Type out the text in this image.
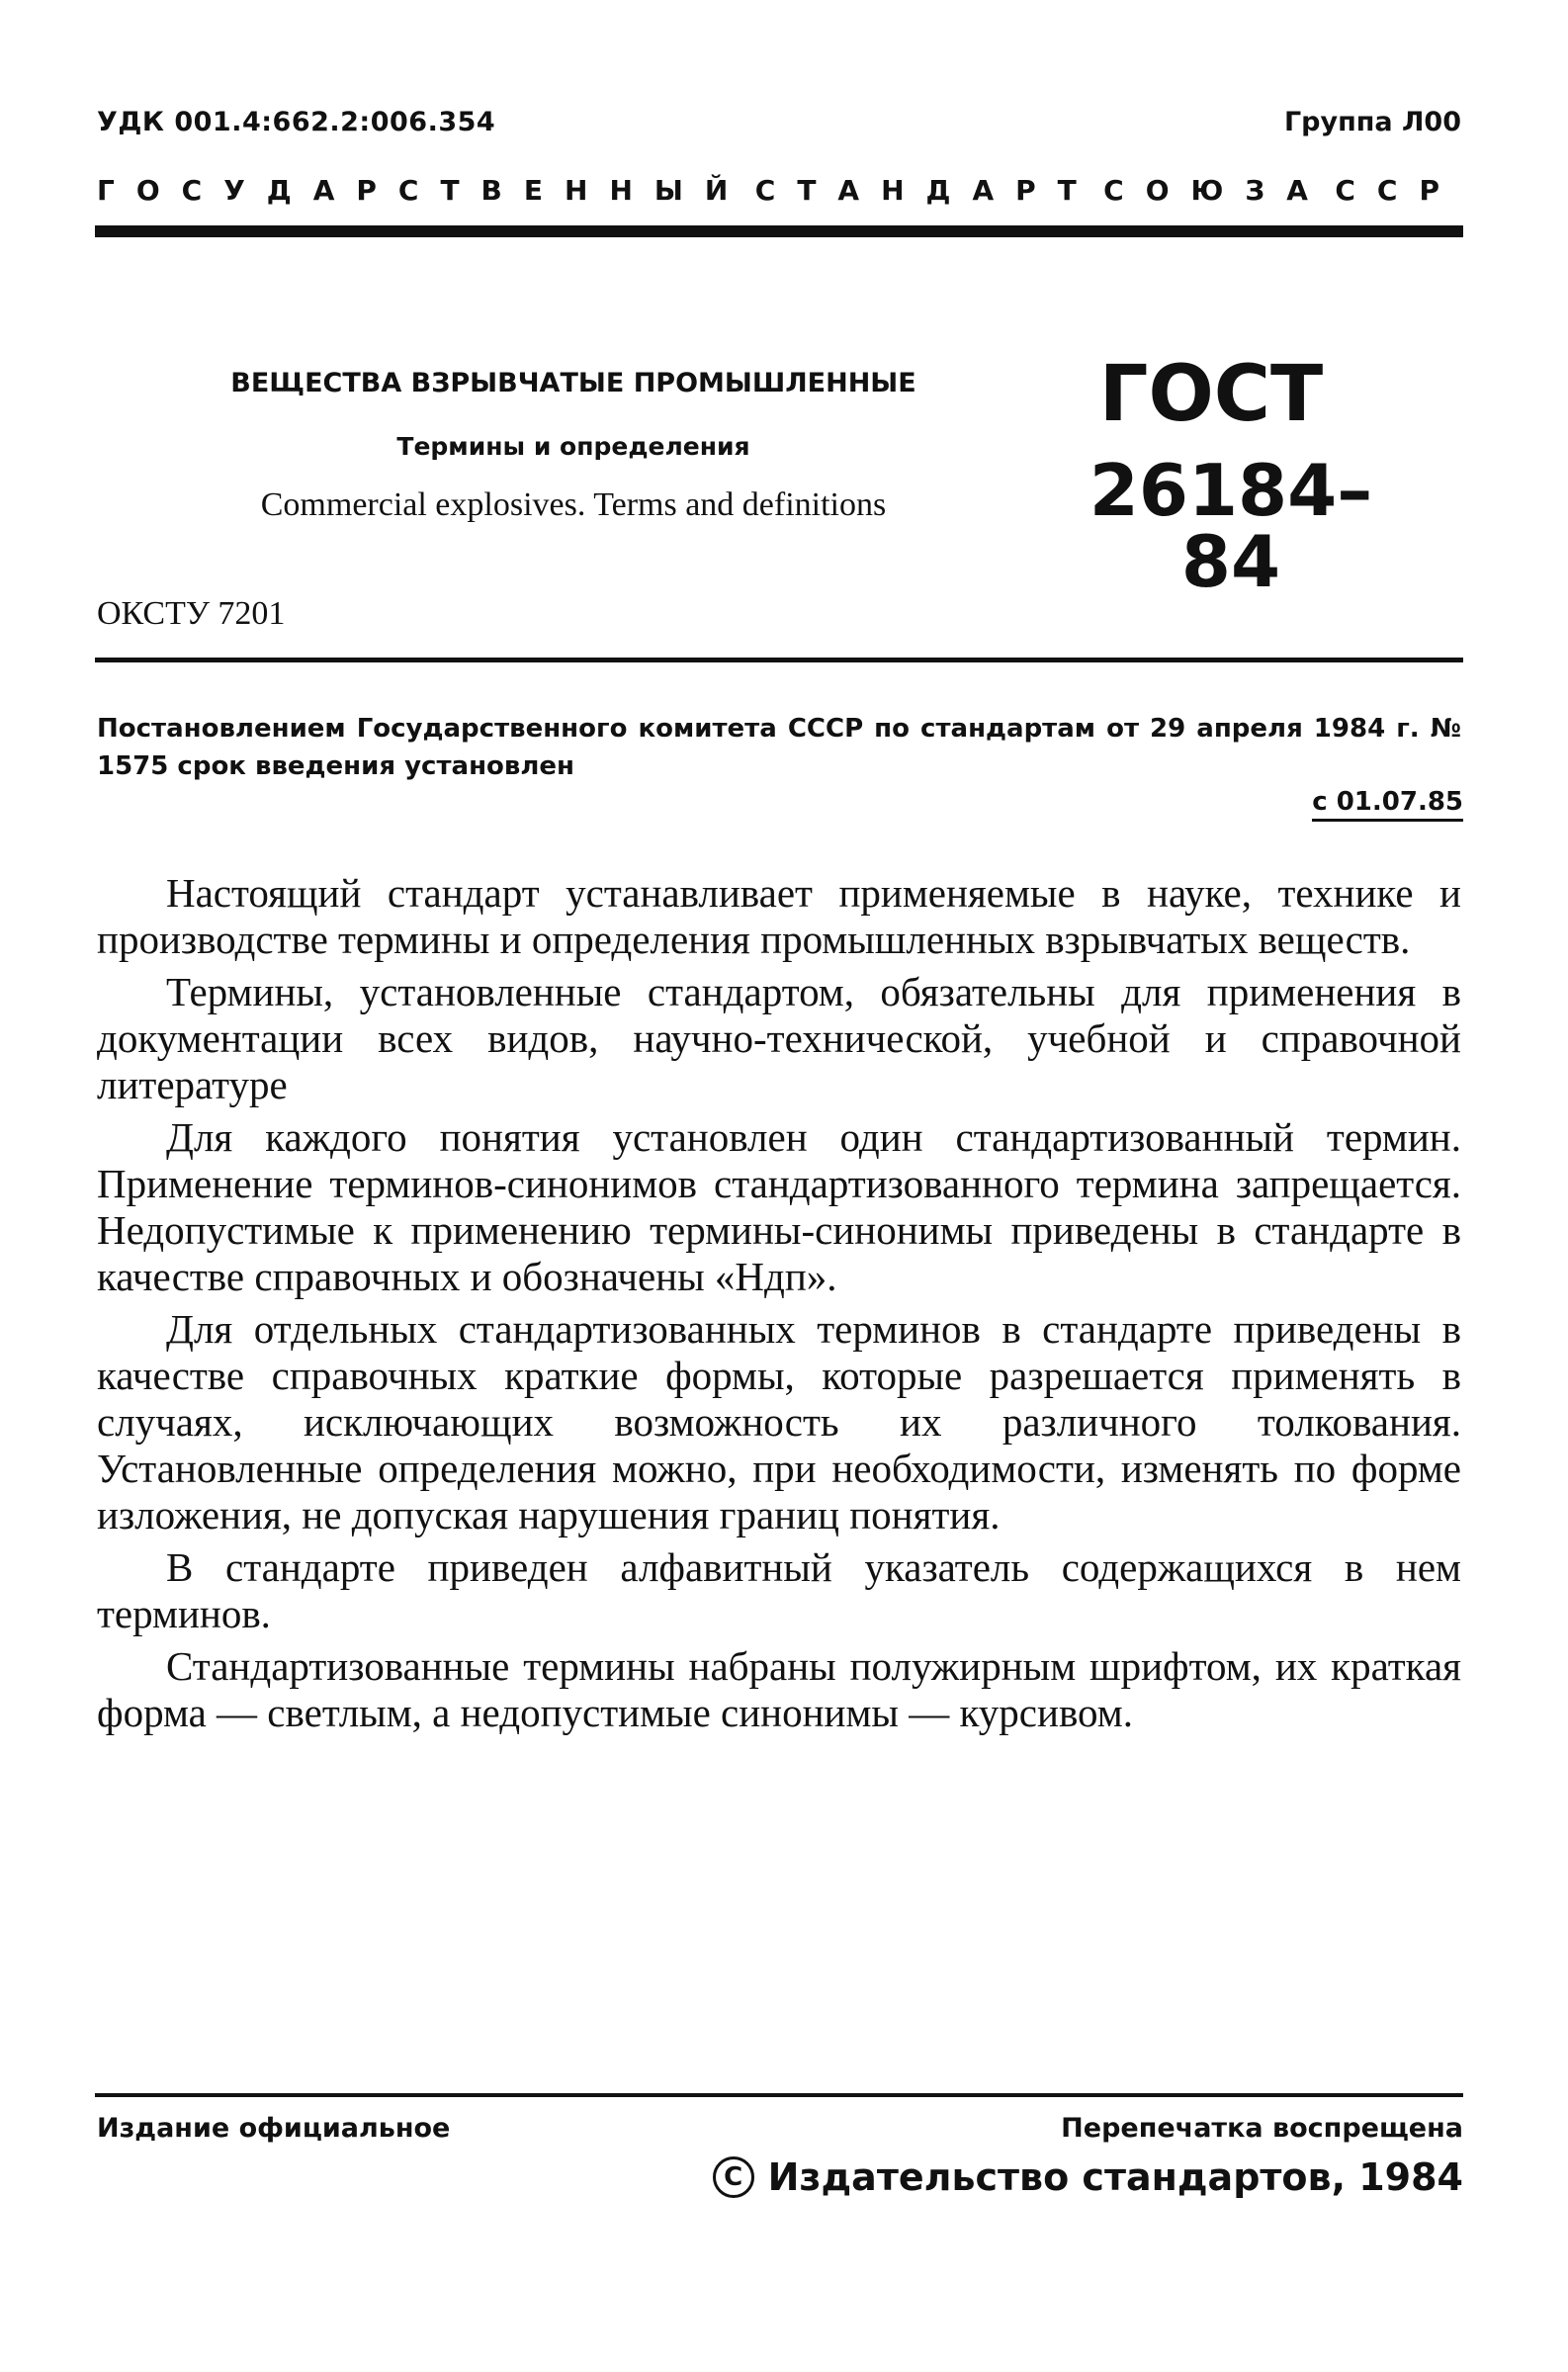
УДК 001.4:662.2:006.354	Группа Л00
ГОСУДАРСТВЕННЫЙ СТАНДАРТ СОЮЗА ССР
ВЕЩЕСТВА ВЗРЫВЧАТЫЕ ПРОМЫШЛЕННЫЕ
Термины и определения
Commercial explosives. Terms and definitions
ГОСТ
26184–84
ОКСТУ 7201
Постановлением Государственного комитета СССР по стандартам от 29 апреля 1984 г. № 1575 срок введения установлен
с 01.07.85

Настоящий стандарт устанавливает применяемые в науке, технике и производстве термины и определения промышленных взрывчатых веществ.

Термины, установленные стандартом, обязательны для применения в документации всех видов, научно-технической, учебной и справочной литературе

Для каждого понятия установлен один стандартизованный термин. Применение терминов-синонимов стандартизованного термина запрещается. Недопустимые к применению термины-синонимы приведены в стандарте в качестве справочных и обозначены «Ндп».

Для отдельных стандартизованных терминов в стандарте приведены в качестве справочных краткие формы, которые разрешается применять в случаях, исключающих возможность их различного толкования. Установленные определения можно, при необходимости, изменять по форме изложения, не допуская нарушения границ понятия.

В стандарте приведен алфавитный указатель содержащихся в нем терминов.

Стандартизованные термины набраны полужирным шрифтом, их краткая форма — светлым, а недопустимые синонимы — курсивом.

Издание официальное	Перепечатка воспрещена
C Издательство стандартов, 1984
